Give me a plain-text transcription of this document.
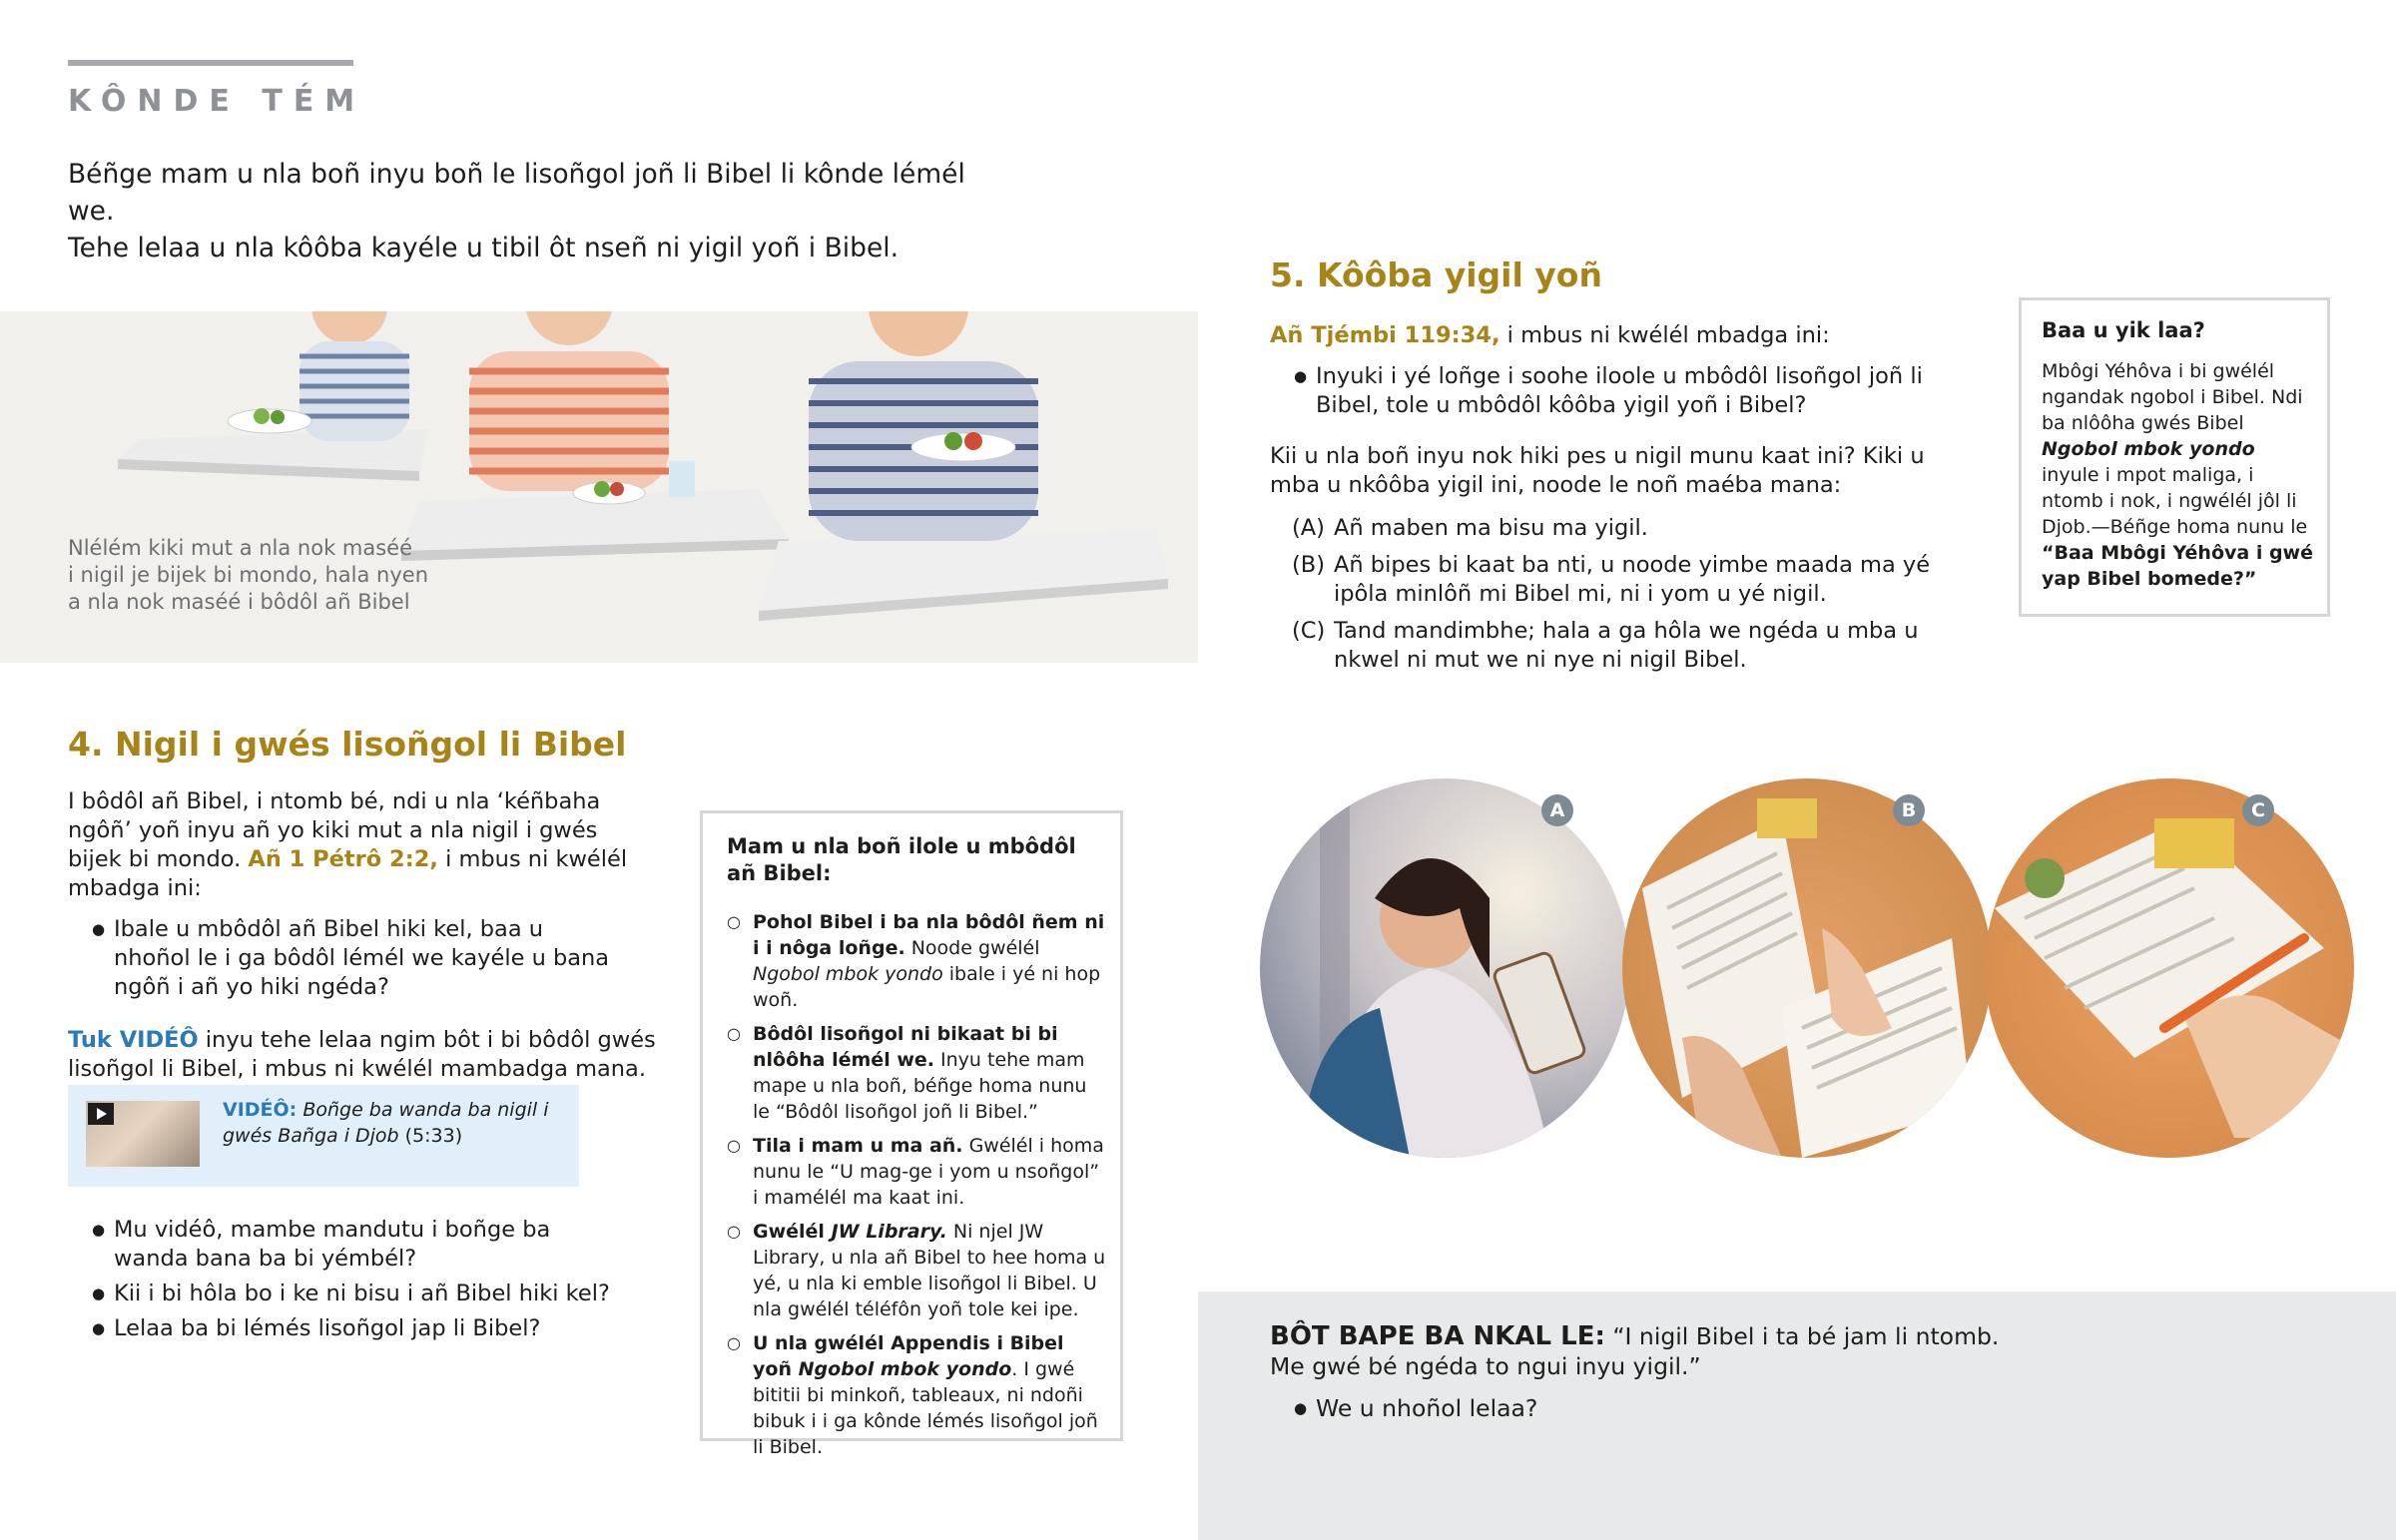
KÔNDE TÉM
Béñge mam u nla boñ inyu boñ le lisoñgol joñ li Bibel li kônde lémél we.
Tehe lelaa u nla kôôba kayéle u tibil ôt nseñ ni yigil yoñ i Bibel.
Nlélém kiki mut a nla nok maséé
i nigil je bijek bi mondo, hala nyen
a nla nok maséé i bôdôl añ Bibel
4. Nigil i gwés lisoñgol li Bibel
I bôdôl añ Bibel, i ntomb bé, ndi u nla ‘kéñbaha ngôñ’ yoñ inyu añ yo kiki mut a nla nigil i gwés bijek bi mondo. Añ 1 Pétrô 2:2, i mbus ni kwélél mbadga ini:
● Ibale u mbôdôl añ Bibel hiki kel, baa u nhoñol le i ga bôdôl lémél we kayéle u bana ngôñ i añ yo hiki ngéda?
Tuk VIDÉÔ inyu tehe lelaa ngim bôt i bi bôdôl gwés lisoñgol li Bibel, i mbus ni kwélél mambadga mana.
VIDÉÔ: Boñge ba wanda ba nigil i gwés Bañga i Djob (5:33)
● Mu vidéô, mambe mandutu i boñge ba wanda bana ba bi yémbél?
● Kii i bi hôla bo i ke ni bisu i añ Bibel hiki kel?
● Lelaa ba bi lémés lisoñgol jap li Bibel?
Mam u nla boñ ilole u mbôdôl añ Bibel:
○ Pohol Bibel i ba nla bôdôl ñem ni i i nôga loñge. Noode gwélél Ngobol mbok yondo ibale i yé ni hop woñ.
○ Bôdôl lisoñgol ni bikaat bi bi nlôôha lémél we. Inyu tehe mam mape u nla boñ, béñge homa nunu le “Bôdôl lisoñgol joñ li Bibel.”
○ Tila i mam u ma añ. Gwélél i homa nunu le “U mag-ge i yom u nsoñgol” i mamélél ma kaat ini.
○ Gwélél JW Library. Ni njel JW Library, u nla añ Bibel to hee homa u yé, u nla ki emble lisoñgol li Bibel. U nla gwélél téléfôn yoñ tole kei ipe.
○ U nla gwélél Appendis i Bibel yoñ Ngobol mbok yondo. I gwé bititii bi minkoñ, tableaux, ni ndoñi bibuk i i ga kônde lémés lisoñgol joñ li Bibel.
5. Kôôba yigil yoñ
Añ Tjémbi 119:34, i mbus ni kwélél mbadga ini:
● Inyuki i yé loñge i soohe iloole u mbôdôl lisoñgol joñ li Bibel, tole u mbôdôl kôôba yigil yoñ i Bibel?
Kii u nla boñ inyu nok hiki pes u nigil munu kaat ini? Kiki u mba u nkôôba yigil ini, noode le noñ maéba mana:
(A) Añ maben ma bisu ma yigil.
(B) Añ bipes bi kaat ba nti, u noode yimbe maada ma yé ipôla minlôñ mi Bibel mi, ni i yom u yé nigil.
(C) Tand mandimbhe; hala a ga hôla we ngéda u mba u nkwel ni mut we ni nye ni nigil Bibel.
Baa u yik laa?
Mbôgi Yéhôva i bi gwélél ngandak ngobol i Bibel. Ndi ba nlôôha gwés Bibel Ngobol mbok yondo inyule i mpot maliga, i ntomb i nok, i ngwélél jôl li Djob.—Béñge homa nunu le “Baa Mbôgi Yéhôva i gwé yap Bibel bomede?”
A	B	C
BÔT BAPE BA NKAL LE: “I nigil Bibel i ta bé jam li ntomb.
Me gwé bé ngéda to ngui inyu yigil.”
● We u nhoñol lelaa?
